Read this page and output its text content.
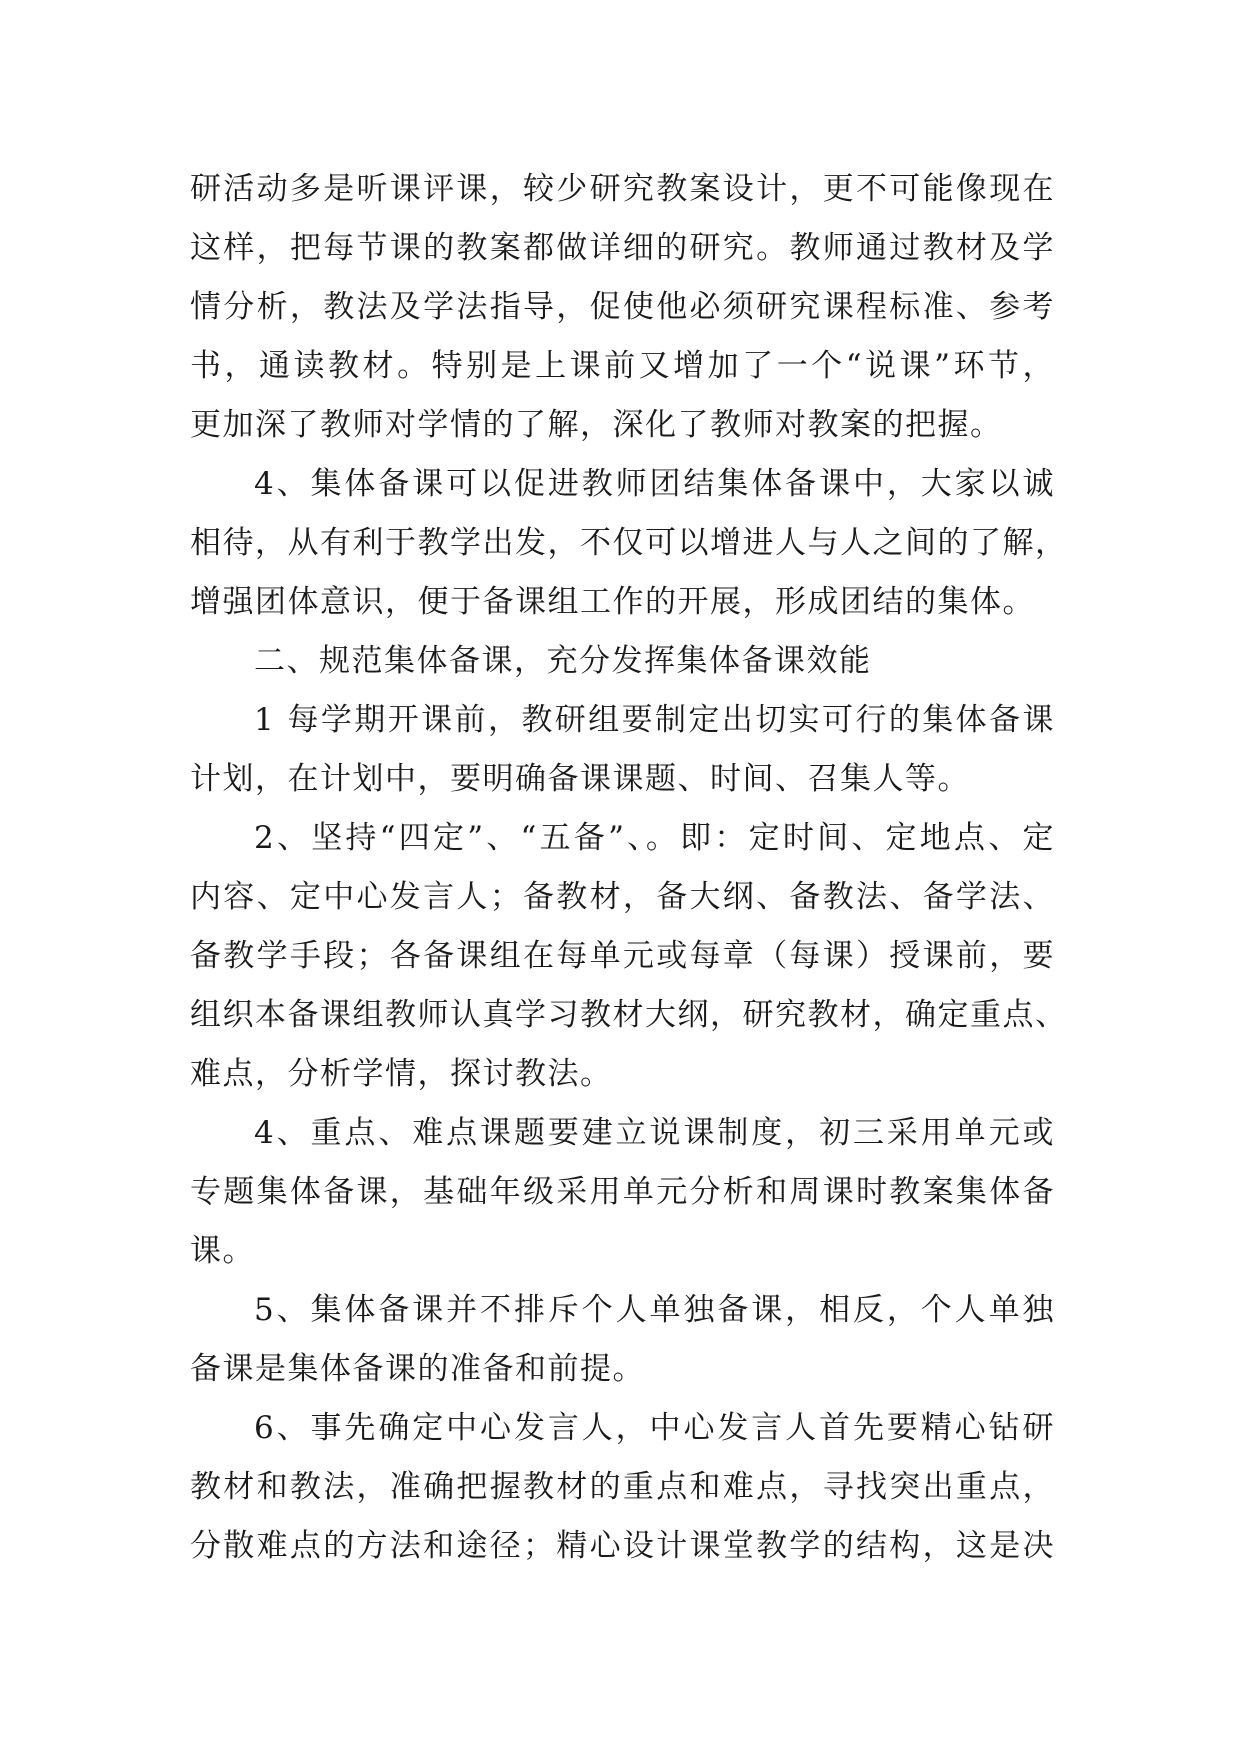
研活动多是听课评课，较少研究教案设计，更不可能像现在
这样，把每节课的教案都做详细的研究。教师通过教材及学
情分析，教法及学法指导，促使他必须研究课程标准、参考
书，通读教材。特别是上课前又增加了一个“说课”环节，
更加深了教师对学情的了解，深化了教师对教案的把握。

4、集体备课可以促进教师团结集体备课中，大家以诚
相待，从有利于教学出发，不仅可以增进人与人之间的了解，
增强团体意识，便于备课组工作的开展，形成团结的集体。

二、规范集体备课，充分发挥集体备课效能

1 每学期开课前，教研组要制定出切实可行的集体备课
计划，在计划中，要明确备课课题、时间、召集人等。

2、坚持“四定”、“五备”、。即：定时间、定地点、定
内容、定中心发言人；备教材，备大纲、备教法、备学法、
备教学手段；各备课组在每单元或每章（每课）授课前，要
组织本备课组教师认真学习教材大纲，研究教材，确定重点、
难点，分析学情，探讨教法。

4、重点、难点课题要建立说课制度，初三采用单元或
专题集体备课，基础年级采用单元分析和周课时教案集体备
课。

5、集体备课并不排斥个人单独备课，相反，个人单独
备课是集体备课的准备和前提。

6、事先确定中心发言人，中心发言人首先要精心钻研
教材和教法，准确把握教材的重点和难点，寻找突出重点，
分散难点的方法和途径；精心设计课堂教学的结构，这是决
